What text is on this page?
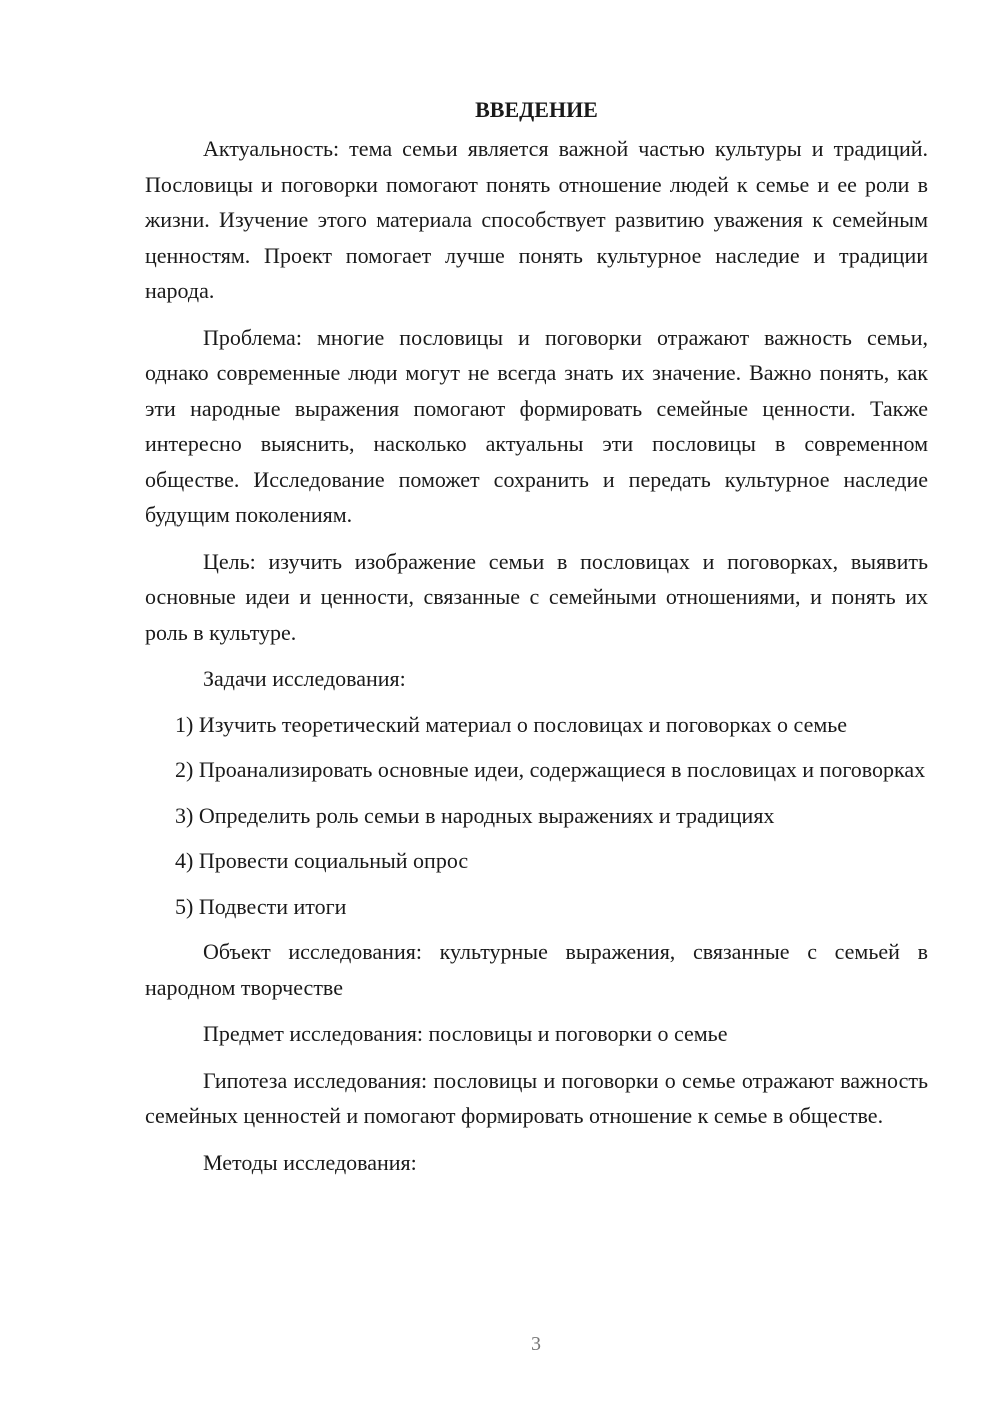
ВВЕДЕНИЕ

Актуальность: тема семьи является важной частью культуры и традиций. Пословицы и поговорки помогают понять отношение людей к семье и ее роли в жизни. Изучение этого материала способствует развитию уважения к семейным ценностям. Проект помогает лучше понять культурное наследие и традиции народа.

Проблема: многие пословицы и поговорки отражают важность семьи, однако современные люди могут не всегда знать их значение. Важно понять, как эти народные выражения помогают формировать семейные ценности. Также интересно выяснить, насколько актуальны эти пословицы в современном обществе. Исследование поможет сохранить и передать культурное наследие будущим поколениям.

Цель: изучить изображение семьи в пословицах и поговорках, выявить основные идеи и ценности, связанные с семейными отношениями, и понять их роль в культуре.

Задачи исследования:

1) Изучить теоретический материал о пословицах и поговорках о семье

2) Проанализировать основные идеи, содержащиеся в пословицах и поговорках

3) Определить роль семьи в народных выражениях и традициях

4) Провести социальный опрос

5) Подвести итоги

Объект исследования: культурные выражения, связанные с семьей в народном творчестве

Предмет исследования: пословицы и поговорки о семье

Гипотеза исследования: пословицы и поговорки о семье отражают важность семейных ценностей и помогают формировать отношение к семье в обществе.

Методы исследования:

3
